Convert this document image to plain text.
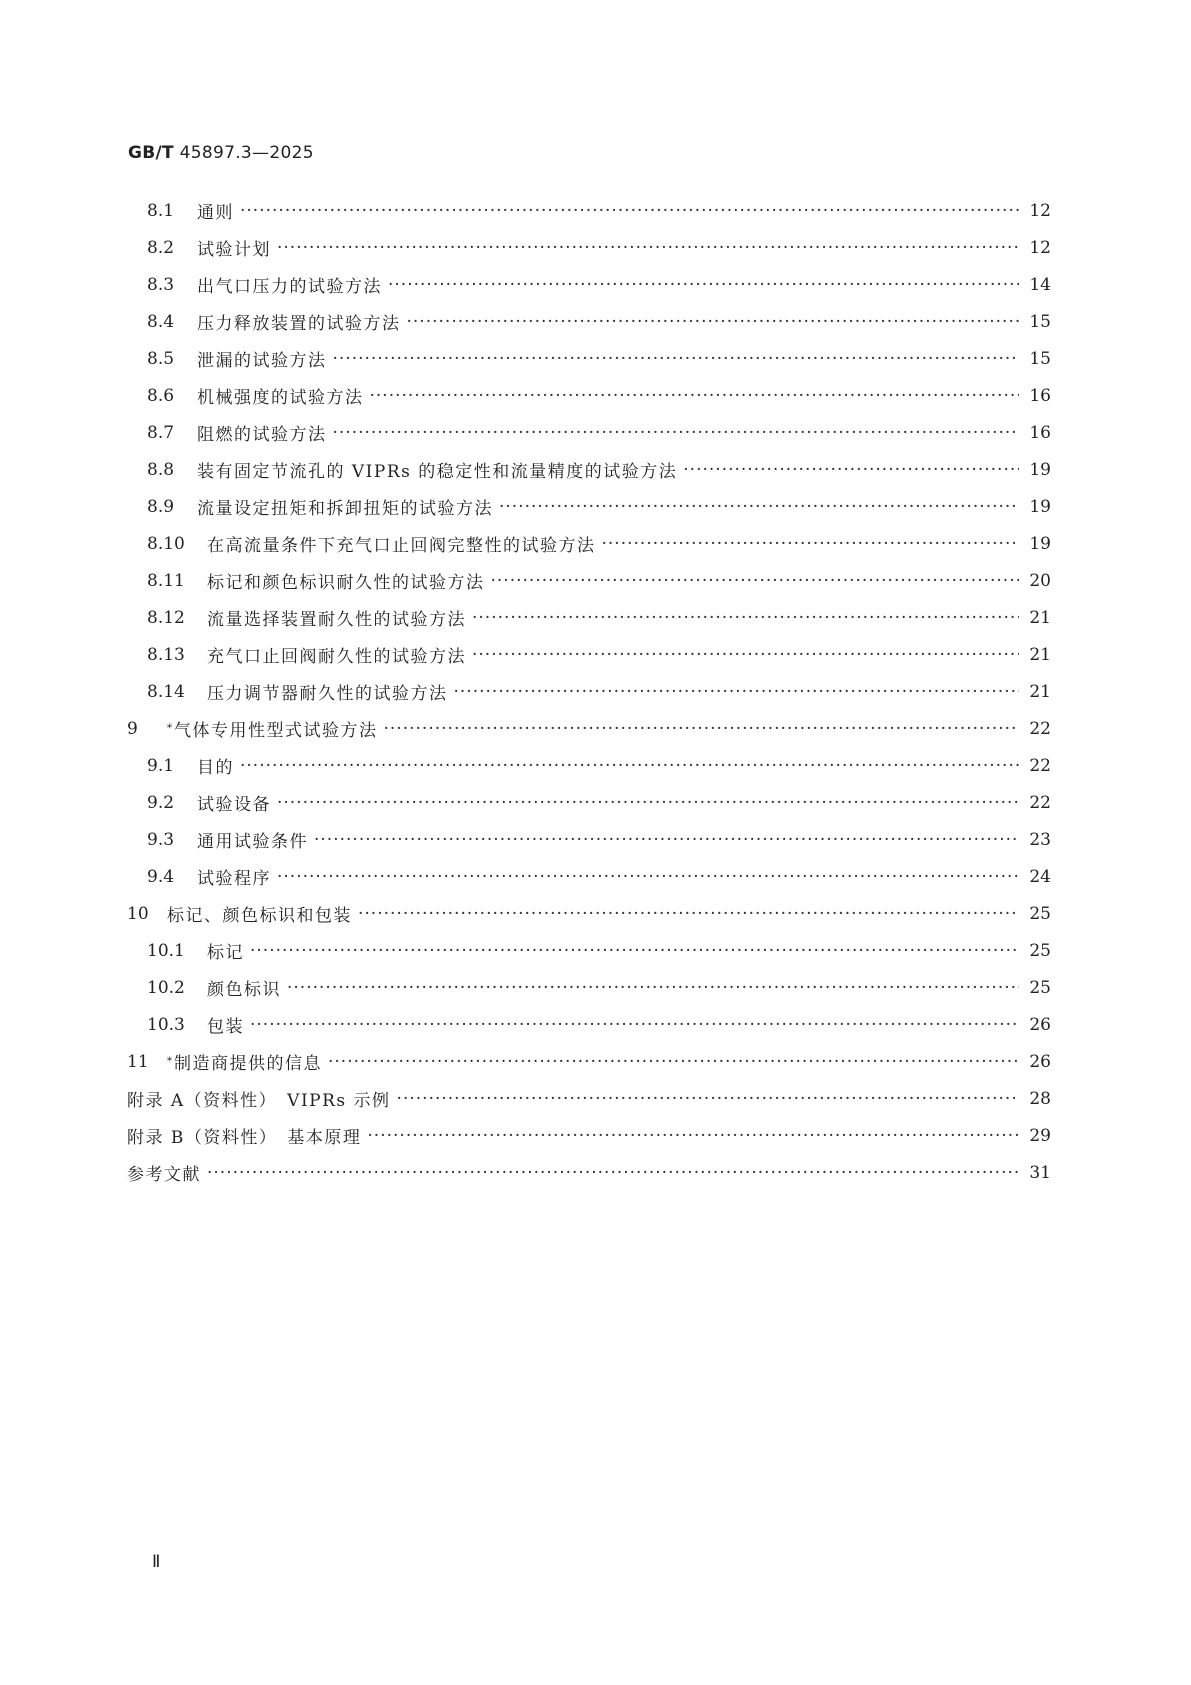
GB/T 45897.3—2025
8.1	通则 ·····	12
8.2	试验计划 ·····	12
8.3	出气口压力的试验方法 ·····	14
8.4	压力释放装置的试验方法 ·····	15
8.5	泄漏的试验方法 ·····	15
8.6	机械强度的试验方法 ·····	16
8.7	阻燃的试验方法 ·····	16
8.8	装有固定节流孔的 VIPRs 的稳定性和流量精度的试验方法 ·····	19
8.9	流量设定扭矩和拆卸扭矩的试验方法 ·····	19
8.10	在高流量条件下充气口止回阀完整性的试验方法 ·····	19
8.11	标记和颜色标识耐久性的试验方法 ·····	20
8.12	流量选择装置耐久性的试验方法 ·····	21
8.13	充气口止回阀耐久性的试验方法 ·····	21
8.14	压力调节器耐久性的试验方法 ·····	21
9	* 气体专用性型式试验方法 ·····	22
9.1	目的 ·····	22
9.2	试验设备 ·····	22
9.3	通用试验条件 ·····	23
9.4	试验程序 ·····	24
10	标记、颜色标识和包装 ·····	25
10.1	标记 ·····	25
10.2	颜色标识 ·····	25
10.3	包装 ·····	26
11	* 制造商提供的信息 ·····	26
附录 A（资料性）　VIPRs 示例 ·····	28
附录 B（资料性）　基本原理 ·····	29
参考文献 ·····	31
Ⅱ
